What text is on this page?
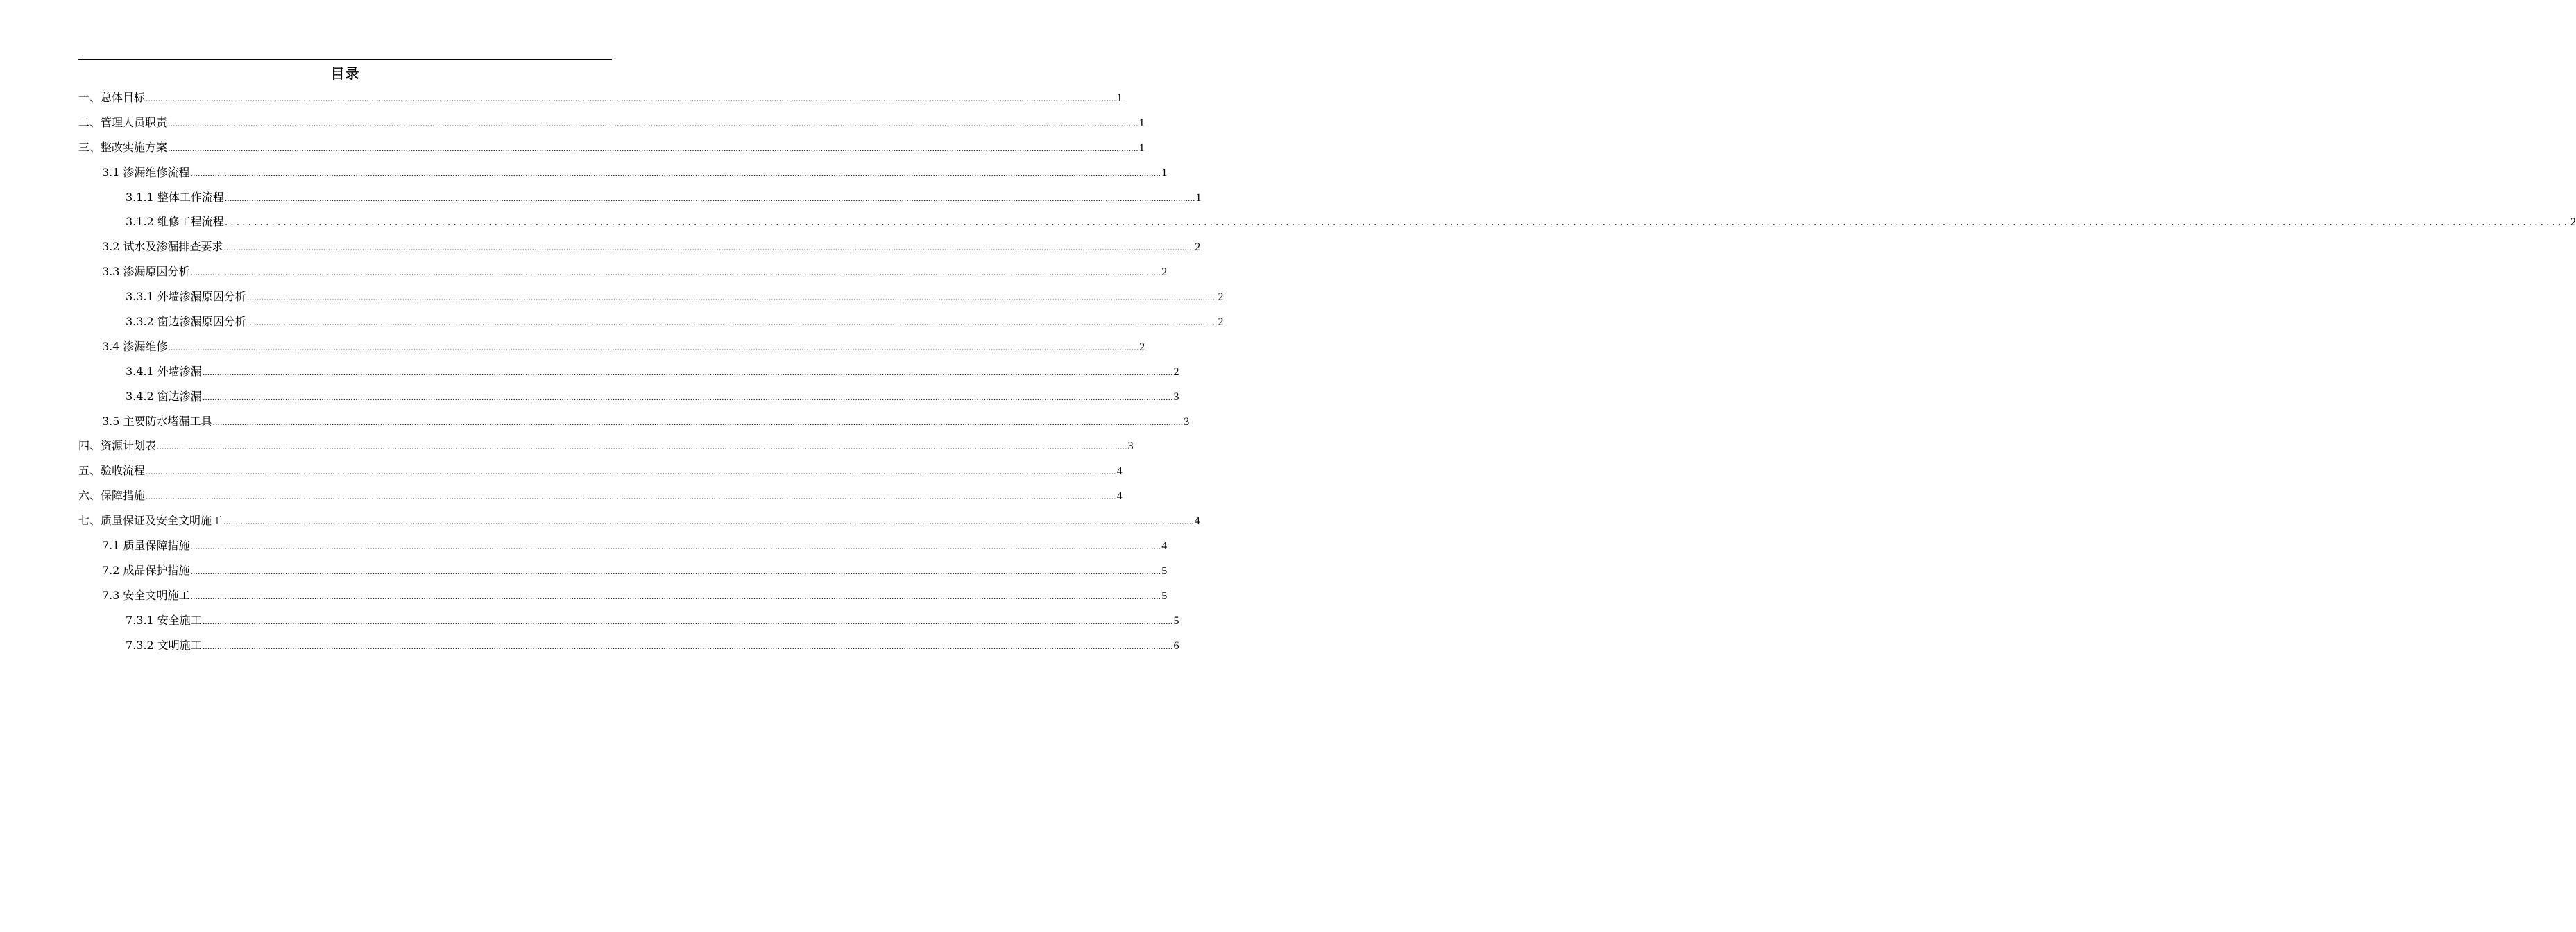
目录
一、总体目标 ................................................................................................................................................................................................................................................................................................................................................................................................................ 1
二、管理人员职责 ................................................................................................................................................................................................................................................................................................................................................................................................................ 1
三、整改实施方案 ................................................................................................................................................................................................................................................................................................................................................................................................................ 1
3.1 渗漏维修流程 ................................................................................................................................................................................................................................................................................................................................................................................................................ 1
3.1.1 整体工作流程 ................................................................................................................................................................................................................................................................................................................................................................................................................ 1
3.1.2 维修工程流程 ................................................................................................................................................................................................................................................................................................................................................................................................................ 2
3.2 试水及渗漏排查要求 ................................................................................................................................................................................................................................................................................................................................................................................................................ 2
3.3 渗漏原因分析 ................................................................................................................................................................................................................................................................................................................................................................................................................ 2
3.3.1 外墙渗漏原因分析 ................................................................................................................................................................................................................................................................................................................................................................................................................ 2
3.3.2 窗边渗漏原因分析 ................................................................................................................................................................................................................................................................................................................................................................................................................ 2
3.4 渗漏维修 ................................................................................................................................................................................................................................................................................................................................................................................................................ 2
3.4.1 外墙渗漏 ................................................................................................................................................................................................................................................................................................................................................................................................................ 2
3.4.2 窗边渗漏 ................................................................................................................................................................................................................................................................................................................................................................................................................ 3
3.5 主要防水堵漏工具 ................................................................................................................................................................................................................................................................................................................................................................................................................ 3
四、资源计划表 ................................................................................................................................................................................................................................................................................................................................................................................................................ 3
五、验收流程 ................................................................................................................................................................................................................................................................................................................................................................................................................ 4
六、保障措施 ................................................................................................................................................................................................................................................................................................................................................................................................................ 4
七、质量保证及安全文明施工 ................................................................................................................................................................................................................................................................................................................................................................................................................ 4
7.1 质量保障措施 ................................................................................................................................................................................................................................................................................................................................................................................................................ 4
7.2 成品保护措施 ................................................................................................................................................................................................................................................................................................................................................................................................................ 5
7.3 安全文明施工 ................................................................................................................................................................................................................................................................................................................................................................................................................ 5
7.3.1 安全施工 ................................................................................................................................................................................................................................................................................................................................................................................................................ 5
7.3.2 文明施工 ................................................................................................................................................................................................................................................................................................................................................................................................................ 6
